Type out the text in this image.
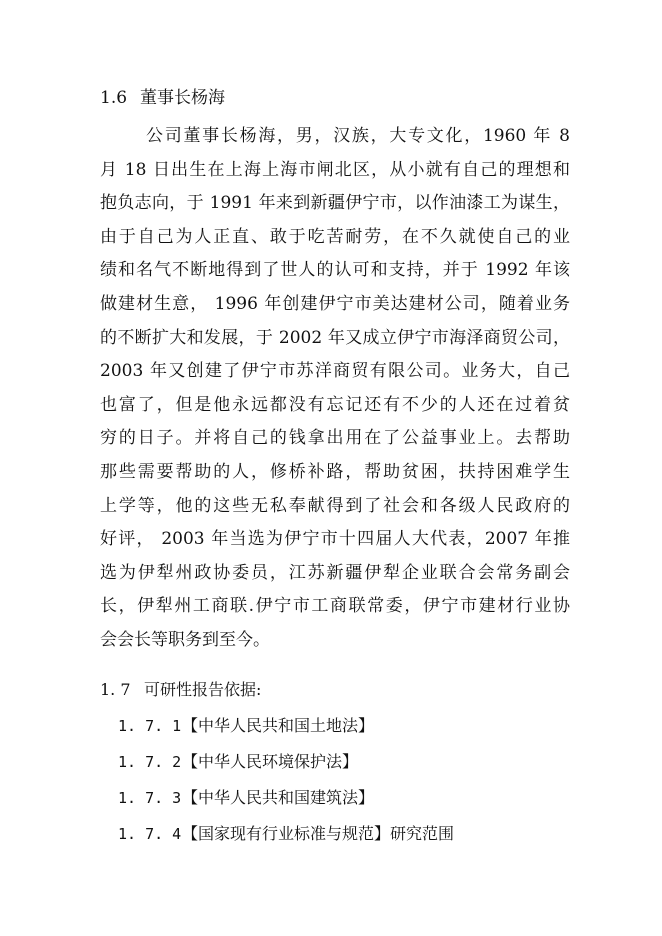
1.6 董事长杨海
公司董事长杨海，男，汉族，大专文化，1960 年 8
月 18 日出生在上海上海市闸北区，从小就有自己的理想和
抱负志向，于 1991 年来到新疆伊宁市，以作油漆工为谋生，
由于自己为人正直、敢于吃苦耐劳，在不久就使自己的业
绩和名气不断地得到了世人的认可和支持，并于 1992 年该
做建材生意， 1996 年创建伊宁市美达建材公司，随着业务
的不断扩大和发展，于 2002 年又成立伊宁市海泽商贸公司，
2003 年又创建了伊宁市苏洋商贸有限公司。业务大，自己
也富了，但是他永远都没有忘记还有不少的人还在过着贫
穷的日子。并将自己的钱拿出用在了公益事业上。去帮助
那些需要帮助的人，修桥补路，帮助贫困，扶持困难学生
上学等，他的这些无私奉献得到了社会和各级人民政府的
好评， 2003 年当选为伊宁市十四届人大代表，2007 年推
选为伊犁州政协委员，江苏新疆伊犁企业联合会常务副会
长，伊犁州工商联.伊宁市工商联常委，伊宁市建材行业协
会会长等职务到至今。
1. 7 可研性报告依据:
1. 7. 1【中华人民共和国土地法】
1. 7. 2【中华人民环境保护法】
1. 7. 3【中华人民共和国建筑法】
1. 7. 4【国家现有行业标准与规范】研究范围
